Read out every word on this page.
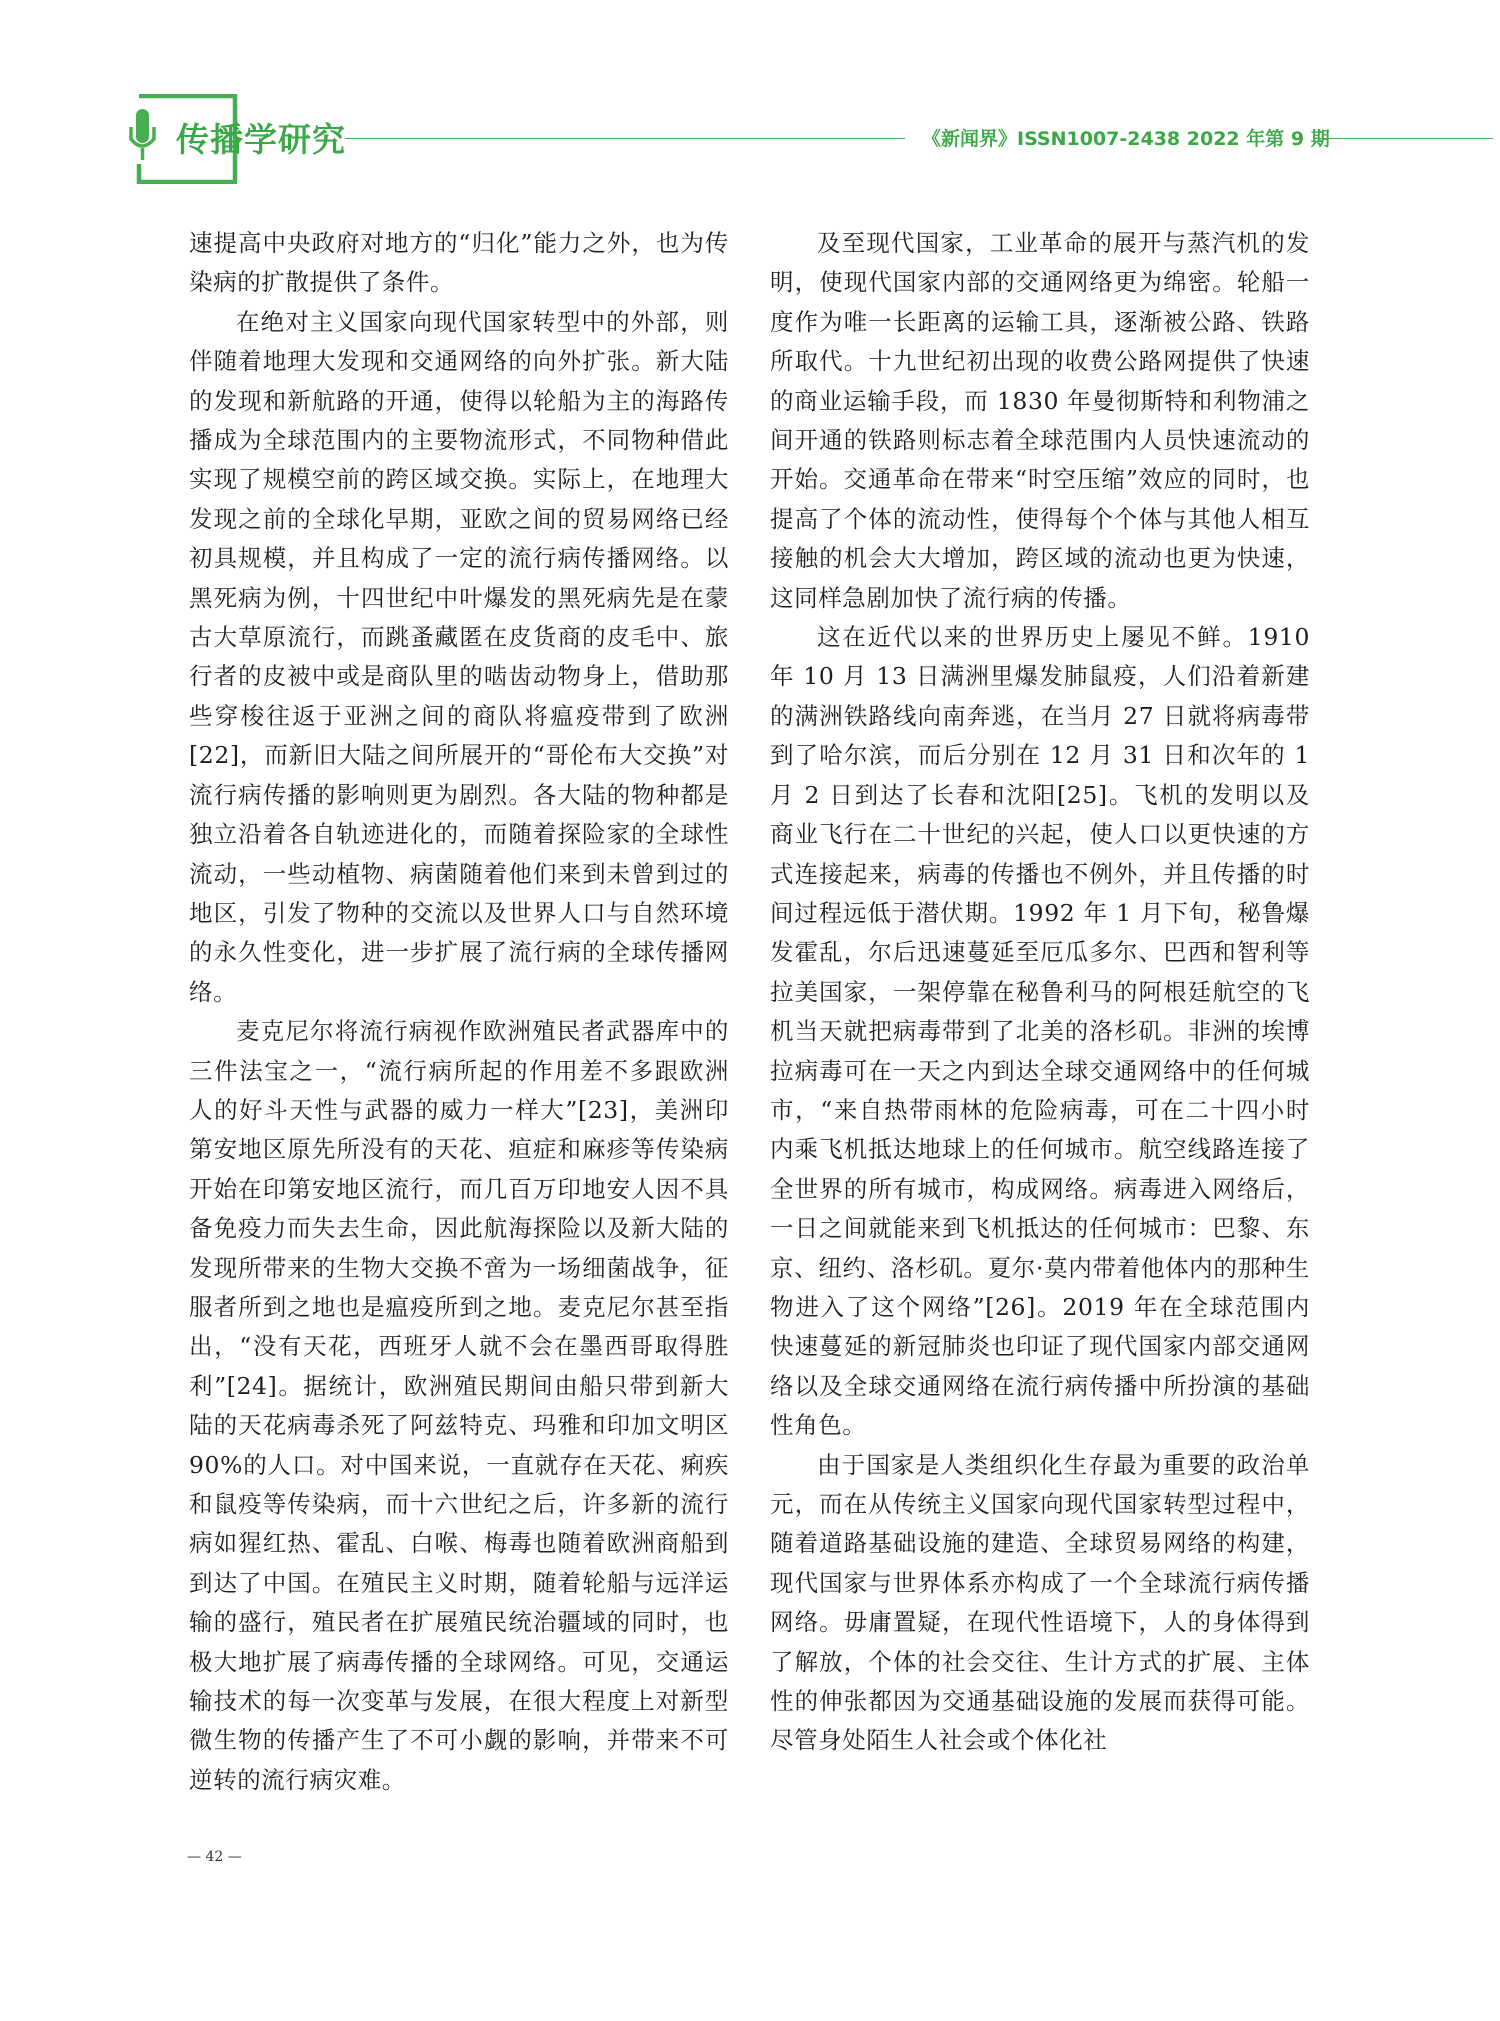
传播学研究	《新闻界》ISSN1007-2438 2022 年第 9 期

速提高中央政府对地方的“归化”能力之外，也为传染病的扩散提供了条件。

在绝对主义国家向现代国家转型中的外部，则伴随着地理大发现和交通网络的向外扩张。新大陆的发现和新航路的开通，使得以轮船为主的海路传播成为全球范围内的主要物流形式，不同物种借此实现了规模空前的跨区域交换。实际上，在地理大发现之前的全球化早期，亚欧之间的贸易网络已经初具规模，并且构成了一定的流行病传播网络。以黑死病为例，十四世纪中叶爆发的黑死病先是在蒙古大草原流行，而跳蚤藏匿在皮货商的皮毛中、旅行者的皮被中或是商队里的啮齿动物身上，借助那些穿梭往返于亚洲之间的商队将瘟疫带到了欧洲[22]，而新旧大陆之间所展开的“哥伦布大交换”对流行病传播的影响则更为剧烈。各大陆的物种都是独立沿着各自轨迹进化的，而随着探险家的全球性流动，一些动植物、病菌随着他们来到未曾到过的地区，引发了物种的交流以及世界人口与自然环境的永久性变化，进一步扩展了流行病的全球传播网络。

麦克尼尔将流行病视作欧洲殖民者武器库中的三件法宝之一，“流行病所起的作用差不多跟欧洲人的好斗天性与武器的威力一样大”[23]，美洲印第安地区原先所没有的天花、疸症和麻疹等传染病开始在印第安地区流行，而几百万印地安人因不具备免疫力而失去生命，因此航海探险以及新大陆的发现所带来的生物大交换不啻为一场细菌战争，征服者所到之地也是瘟疫所到之地。麦克尼尔甚至指出，“没有天花，西班牙人就不会在墨西哥取得胜利”[24]。据统计，欧洲殖民期间由船只带到新大陆的天花病毒杀死了阿兹特克、玛雅和印加文明区 90%的人口。对中国来说，一直就存在天花、痢疾和鼠疫等传染病，而十六世纪之后，许多新的流行病如猩红热、霍乱、白喉、梅毒也随着欧洲商船到到达了中国。在殖民主义时期，随着轮船与远洋运输的盛行，殖民者在扩展殖民统治疆域的同时，也极大地扩展了病毒传播的全球网络。可见，交通运输技术的每一次变革与发展，在很大程度上对新型微生物的传播产生了不可小觑的影响，并带来不可逆转的流行病灾难。

及至现代国家，工业革命的展开与蒸汽机的发明，使现代国家内部的交通网络更为绵密。轮船一度作为唯一长距离的运输工具，逐渐被公路、铁路所取代。十九世纪初出现的收费公路网提供了快速的商业运输手段，而 1830 年曼彻斯特和利物浦之间开通的铁路则标志着全球范围内人员快速流动的开始。交通革命在带来“时空压缩”效应的同时，也提高了个体的流动性，使得每个个体与其他人相互接触的机会大大增加，跨区域的流动也更为快速，这同样急剧加快了流行病的传播。

这在近代以来的世界历史上屡见不鲜。1910 年 10 月 13 日满洲里爆发肺鼠疫，人们沿着新建的满洲铁路线向南奔逃，在当月 27 日就将病毒带到了哈尔滨，而后分别在 12 月 31 日和次年的 1 月 2 日到达了长春和沈阳[25]。飞机的发明以及商业飞行在二十世纪的兴起，使人口以更快速的方式连接起来，病毒的传播也不例外，并且传播的时间过程远低于潜伏期。1992 年 1 月下旬，秘鲁爆发霍乱，尔后迅速蔓延至厄瓜多尔、巴西和智利等拉美国家，一架停靠在秘鲁利马的阿根廷航空的飞机当天就把病毒带到了北美的洛杉矶。非洲的埃博拉病毒可在一天之内到达全球交通网络中的任何城市，“来自热带雨林的危险病毒，可在二十四小时内乘飞机抵达地球上的任何城市。航空线路连接了全世界的所有城市，构成网络。病毒进入网络后，一日之间就能来到飞机抵达的任何城市：巴黎、东京、纽约、洛杉矶。夏尔·莫内带着他体内的那种生物进入了这个网络”[26]。2019 年在全球范围内快速蔓延的新冠肺炎也印证了现代国家内部交通网络以及全球交通网络在流行病传播中所扮演的基础性角色。

由于国家是人类组织化生存最为重要的政治单元，而在从传统主义国家向现代国家转型过程中，随着道路基础设施的建造、全球贸易网络的构建，现代国家与世界体系亦构成了一个全球流行病传播网络。毋庸置疑，在现代性语境下，人的身体得到了解放，个体的社会交往、生计方式的扩展、主体性的伸张都因为交通基础设施的发展而获得可能。尽管身处陌生人社会或个体化社

— 42 —
